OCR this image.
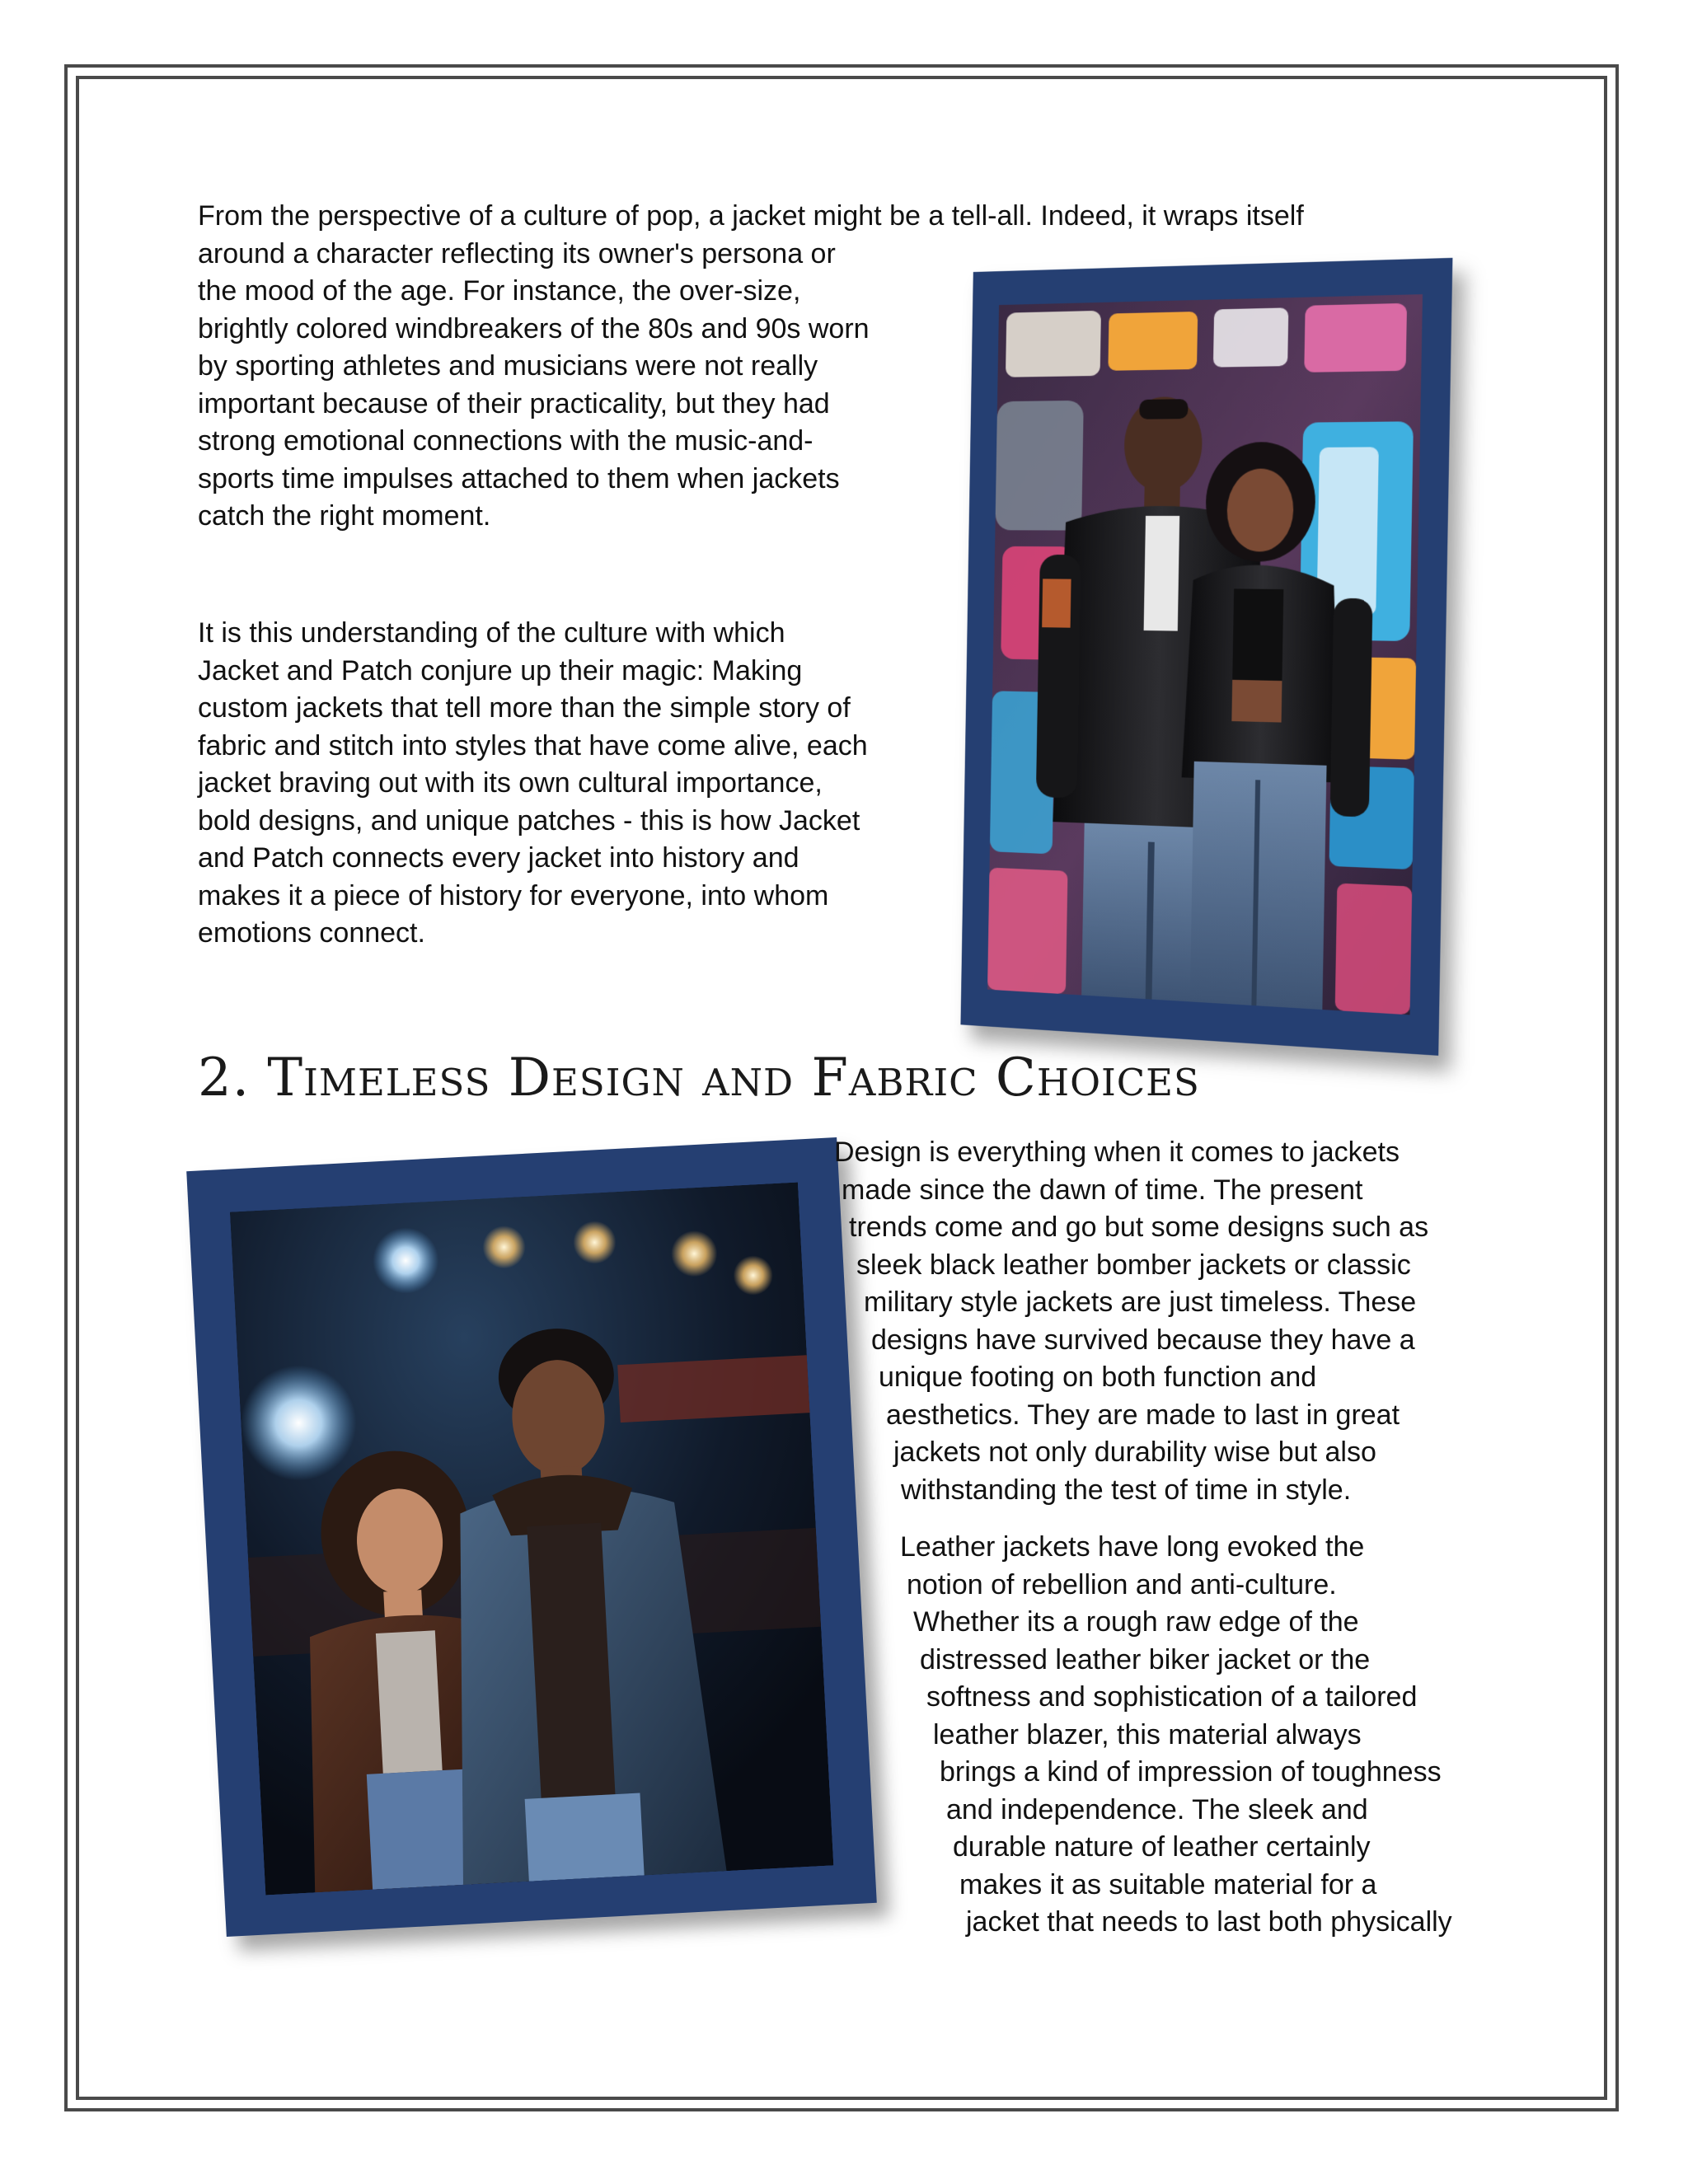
From the perspective of a culture of pop, a jacket might be a tell-all. Indeed, it wraps itself
around a character reflecting its owner's persona or
the mood of the age. For instance, the over-size,
brightly colored windbreakers of the 80s and 90s worn
by sporting athletes and musicians were not really
important because of their practicality, but they had
strong emotional connections with the music-and-
sports time impulses attached to them when jackets
catch the right moment.
It is this understanding of the culture with which
Jacket and Patch conjure up their magic: Making
custom jackets that tell more than the simple story of
fabric and stitch into styles that have come alive, each
jacket braving out with its own cultural importance,
bold designs, and unique patches - this is how Jacket
and Patch connects every jacket into history and
makes it a piece of history for everyone, into whom
emotions connect.
2. Timeless Design and Fabric Choices
Design is everything when it comes to jackets
made since the dawn of time. The present
trends come and go but some designs such as
sleek black leather bomber jackets or classic
military style jackets are just timeless. These
designs have survived because they have a
unique footing on both function and
aesthetics. They are made to last in great
jackets not only durability wise but also
withstanding the test of time in style.
Leather jackets have long evoked the
notion of rebellion and anti-culture.
Whether its a rough raw edge of the
distressed leather biker jacket or the
softness and sophistication of a tailored
leather blazer, this material always
brings a kind of impression of toughness
and independence. The sleek and
durable nature of leather certainly
makes it as suitable material for a
jacket that needs to last both physically
